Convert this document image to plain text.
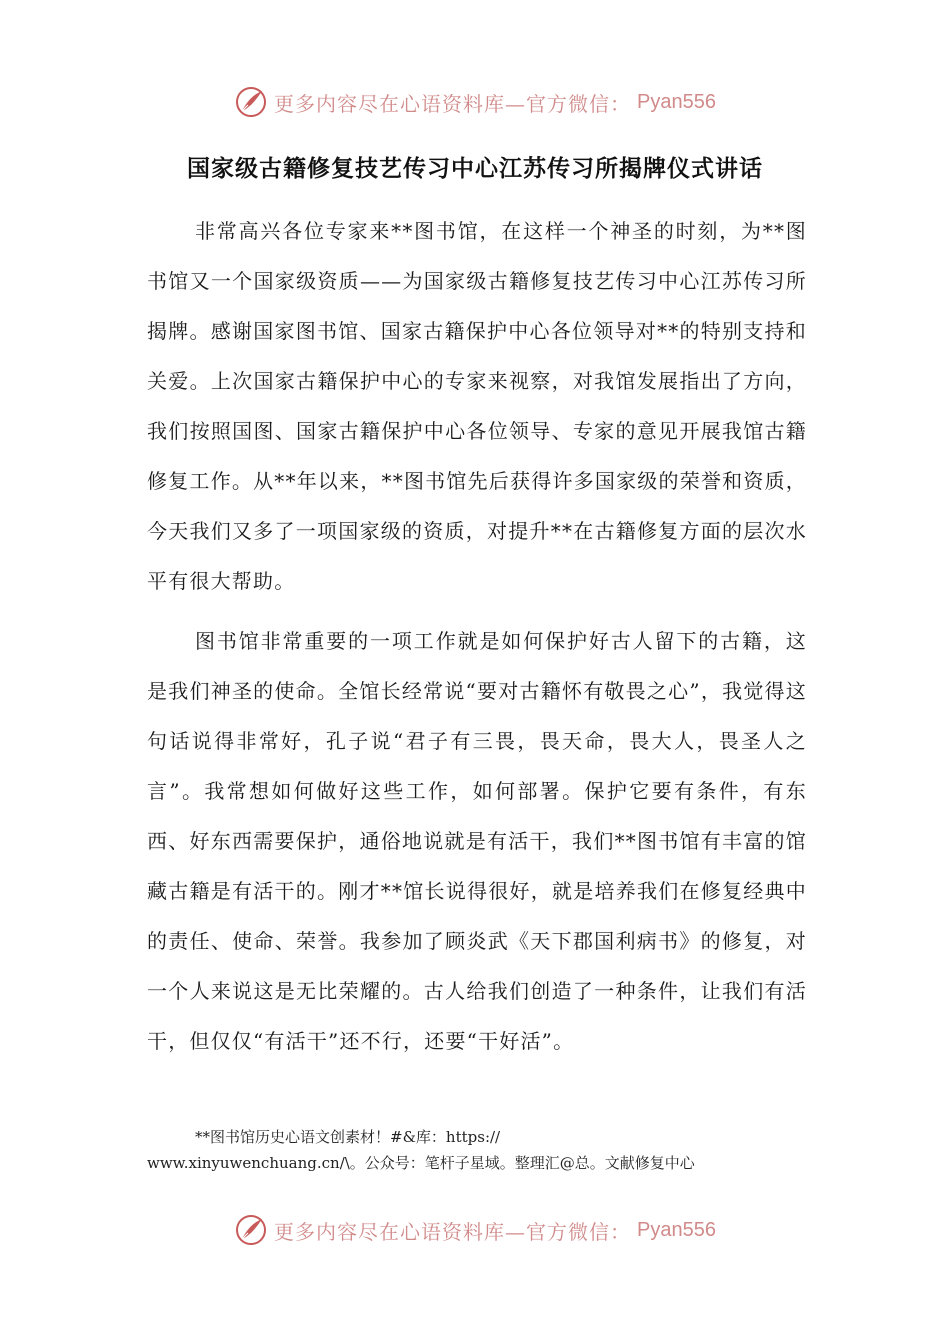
更多内容尽在心语资料库—官方微信： Pyan556
国家级古籍修复技艺传习中心江苏传习所揭牌仪式讲话

非常高兴各位专家来**图书馆，在这样一个神圣的时刻，为**图书馆又一个国家级资质——为国家级古籍修复技艺传习中心江苏传习所揭牌。感谢国家图书馆、国家古籍保护中心各位领导对**的特别支持和关爱。上次国家古籍保护中心的专家来视察，对我馆发展指出了方向，我们按照国图、国家古籍保护中心各位领导、专家的意见开展我馆古籍修复工作。从**年以来，**图书馆先后获得许多国家级的荣誉和资质，今天我们又多了一项国家级的资质，对提升**在古籍修复方面的层次水平有很大帮助。

图书馆非常重要的一项工作就是如何保护好古人留下的古籍，这是我们神圣的使命。全馆长经常说“要对古籍怀有敬畏之心”，我觉得这句话说得非常好，孔子说“君子有三畏，畏天命，畏大人，畏圣人之言”。我常想如何做好这些工作，如何部署。保护它要有条件，有东西、好东西需要保护，通俗地说就是有活干，我们**图书馆有丰富的馆藏古籍是有活干的。刚才**馆长说得很好，就是培养我们在修复经典中的责任、使命、荣誉。我参加了顾炎武《天下郡国利病书》的修复，对一个人来说这是无比荣耀的。古人给我们创造了一种条件，让我们有活干，但仅仅“有活干”还不行，还要“干好活”。

**图书馆历史心语文创素材！#&库：https://
www.xinyuwenchuang.cn/\。公众号：笔杆子星域。整理汇@总。文献修复中心
更多内容尽在心语资料库—官方微信： Pyan556
